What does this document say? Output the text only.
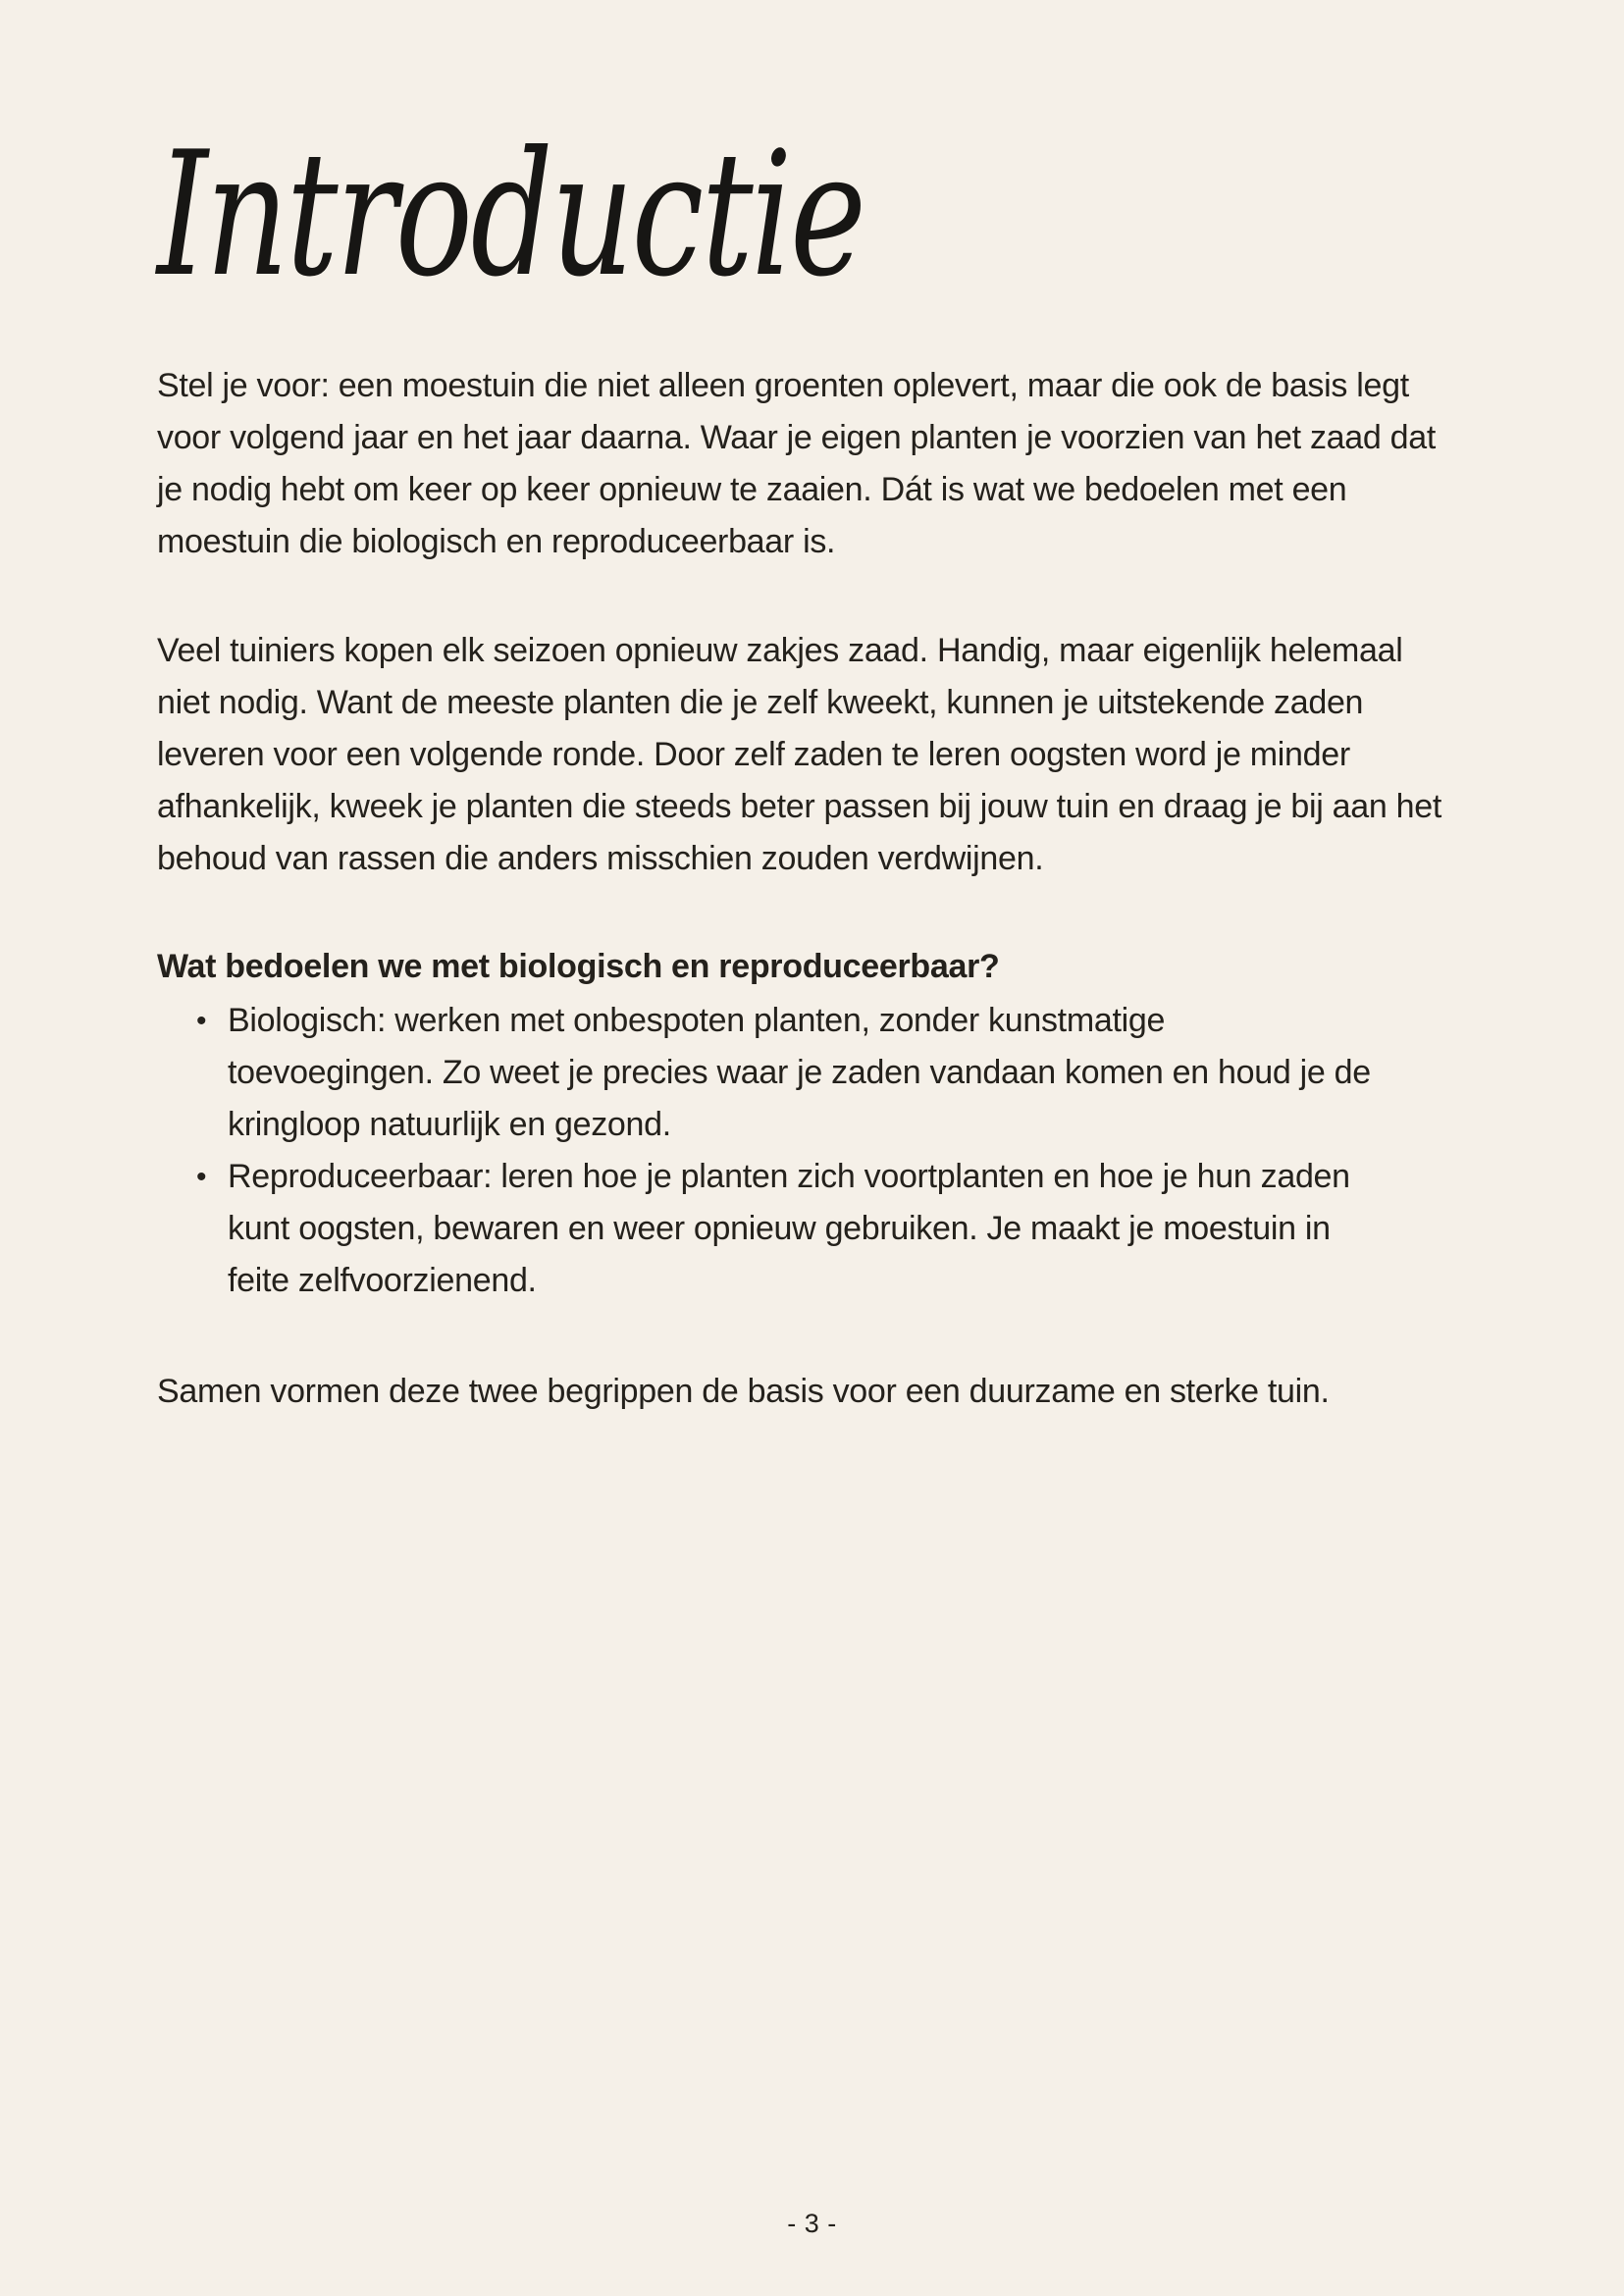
Introductie

Stel je voor: een moestuin die niet alleen groenten oplevert, maar die ook de basis legt voor volgend jaar en het jaar daarna. Waar je eigen planten je voorzien van het zaad dat je nodig hebt om keer op keer opnieuw te zaaien. Dát is wat we bedoelen met een moestuin die biologisch en reproduceerbaar is.

Veel tuiniers kopen elk seizoen opnieuw zakjes zaad. Handig, maar eigenlijk helemaal niet nodig. Want de meeste planten die je zelf kweekt, kunnen je uitstekende zaden leveren voor een volgende ronde. Door zelf zaden te leren oogsten word je minder afhankelijk, kweek je planten die steeds beter passen bij jouw tuin en draag je bij aan het behoud van rassen die anders misschien zouden verdwijnen.

Wat bedoelen we met biologisch en reproduceerbaar?
• Biologisch: werken met onbespoten planten, zonder kunstmatige toevoegingen. Zo weet je precies waar je zaden vandaan komen en houd je de kringloop natuurlijk en gezond.
• Reproduceerbaar: leren hoe je planten zich voortplanten en hoe je hun zaden kunt oogsten, bewaren en weer opnieuw gebruiken. Je maakt je moestuin in feite zelfvoorzienend.

Samen vormen deze twee begrippen de basis voor een duurzame en sterke tuin.

- 3 -
